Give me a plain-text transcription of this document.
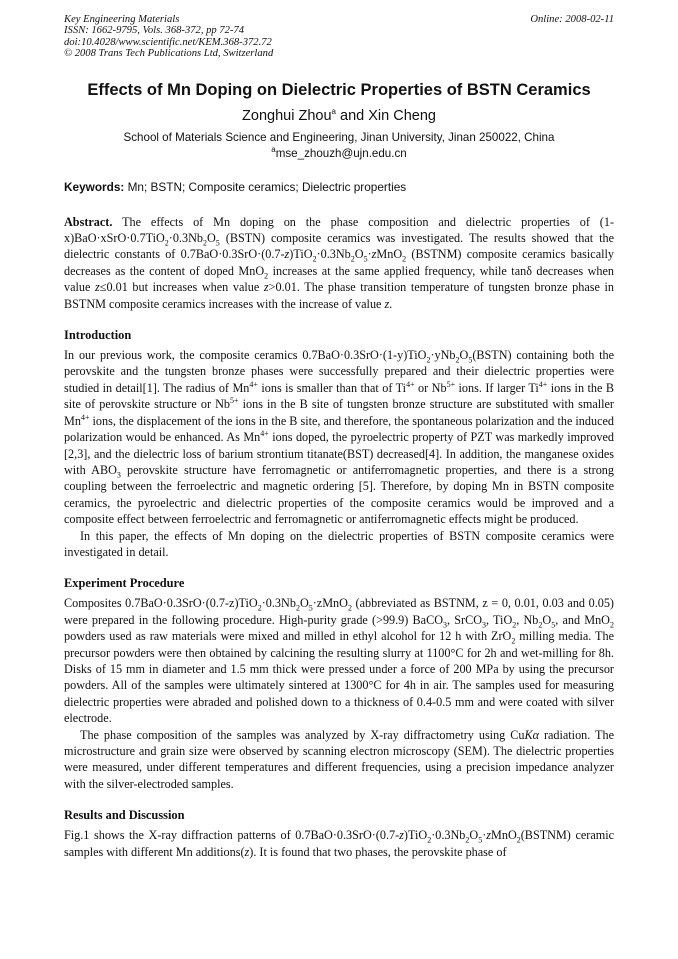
Key Engineering Materials
ISSN: 1662-9795, Vols. 368-372, pp 72-74
doi:10.4028/www.scientific.net/KEM.368-372.72
© 2008 Trans Tech Publications Ltd, Switzerland
Online: 2008-02-11
Effects of Mn Doping on Dielectric Properties of BSTN Ceramics
Zonghui Zhou$^a$ and Xin Cheng
School of Materials Science and Engineering, Jinan University, Jinan 250022, China
$^a$mse_zhouzh@ujn.edu.cn
Keywords: Mn; BSTN; Composite ceramics; Dielectric properties

Abstract. The effects of Mn doping on the phase composition and dielectric properties of $(1-x)BaO\cdot xSrO\cdot 0.7TiO_2\cdot 0.3Nb_2O_5$ (BSTN) composite ceramics was investigated. The results showed that the dielectric constants of $0.7BaO\cdot 0.3SrO\cdot(0.7-z)TiO_2\cdot 0.3Nb_2O_5\cdot zMnO_2$ (BSTNM) composite ceramics basically decreases as the content of doped MnO$_2$ increases at the same applied frequency, while tanδ decreases when value z≤0.01 but increases when value z>0.01. The phase transition temperature of tungsten bronze phase in BSTNM composite ceramics increases with the increase of value z.

Introduction

In our previous work, the composite ceramics $0.7BaO\cdot 0.3SrO\cdot(1-y)TiO_2\cdot yNb_2O_5(BSTN)$ containing both the perovskite and the tungsten bronze phases were successfully prepared and their dielectric properties were studied in detail[1]. The radius of $Mn^{4+}$ ions is smaller than that of $Ti^{4+}$ or $Nb^{5+}$ ions. If larger $Ti^{4+}$ ions in the B site of perovskite structure or $Nb^{5+}$ ions in the B site of tungsten bronze structure are substituted with smaller $Mn^{4+}$ ions, the displacement of the ions in the B site, and therefore, the spontaneous polarization and the induced polarization would be enhanced. As $Mn^{4+}$ ions doped, the pyroelectric property of PZT was markedly improved [2,3], and the dielectric loss of barium strontium titanate(BST) decreased[4]. In addition, the manganese oxides with $ABO_3$ perovskite structure have ferromagnetic or antiferromagnetic properties, and there is a strong coupling between the ferroelectric and magnetic ordering [5]. Therefore, by doping Mn in BSTN composite ceramics, the pyroelectric and dielectric properties of the composite ceramics would be improved and a composite effect between ferroelectric and ferromagnetic or antiferromagnetic effects might be produced.

In this paper, the effects of Mn doping on the dielectric properties of BSTN composite ceramics were investigated in detail.

Experiment Procedure

Composites $0.7BaO\cdot 0.3SrO\cdot(0.7-z)TiO_2\cdot 0.3Nb_2O_5\cdot zMnO_2$ (abbreviated as BSTNM, z = 0, 0.01, 0.03 and 0.05) were prepared in the following procedure. High-purity grade (>99.9) BaCO$_3$, SrCO$_3$, TiO$_2$, $Nb_2O_5$, and MnO$_2$ powders used as raw materials were mixed and milled in ethyl alcohol for 12 h with ZrO$_2$ milling media. The precursor powders were then obtained by calcining the resulting slurry at 1100°C for 2h and wet-milling for 8h. Disks of 15 mm in diameter and 1.5 mm thick were pressed under a force of 200 MPa by using the precursor powders. All of the samples were ultimately sintered at 1300°C for 4h in air. The samples used for measuring dielectric properties were abraded and polished down to a thickness of 0.4-0.5 mm and were coated with silver electrode.

The phase composition of the samples was analyzed by X-ray diffractometry using CuKα radiation. The microstructure and grain size were observed by scanning electron microscopy (SEM). The dielectric properties were measured, under different temperatures and different frequencies, using a precision impedance analyzer with the silver-electroded samples.

Results and Discussion

Fig.1 shows the X-ray diffraction patterns of $0.7BaO\cdot 0.3SrO\cdot(0.7-z)TiO_2\cdot 0.3Nb_2O_5\cdot zMnO_2(BSTNM)$ ceramic samples with different Mn additions(z). It is found that two phases, the perovskite phase of
